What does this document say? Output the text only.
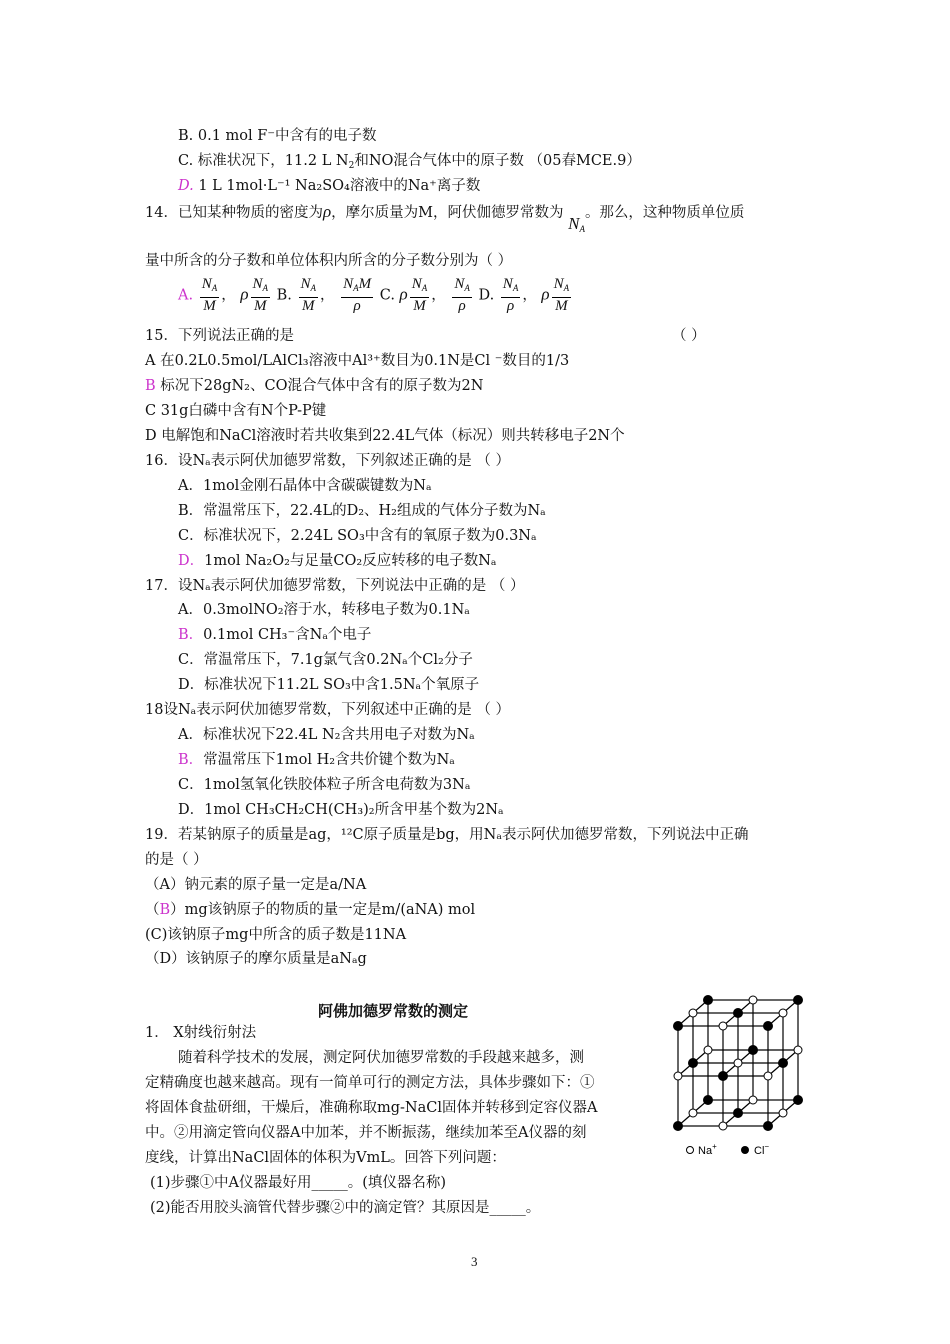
B. 0.1 mol F⁻中含有的电子数
C. 标准状况下，11.2 L $N_2$和NO混合气体中的原子数 （05春MCE.9）
D. 1 L 1mol·L⁻¹ Na₂SO₄溶液中的Na⁺离子数
14．已知某种物质的密度为ρ，摩尔质量为M，阿伏伽德罗常数为 $N_A$。那么，这种物质单位质
量中所含的分子数和单位体积内所含的分子数分别为（ ）
A. $\frac{N_A}{M}$ ， ρ $\frac{N_A}{M} B$. $\frac{N_A}{M}$ ， $\frac{N_AM}{\rho} C$. ρ $\frac{N_A}{M}$ ， $\frac{N_A}{\rho} D$. $\frac{N_A}{\rho}$ ， ρ $\frac{N_A}{M}$
15．下列说法正确的是	（ ）
A 在0.2L0.5mol/LAlCl₃溶液中Al³⁺数目为0.1N是Cl ⁻数目的1/3
B 标况下28gN₂、CO混合气体中含有的原子数为2N
C 31g白磷中含有N个P-P键
D 电解饱和NaCl溶液时若共收集到22.4L气体（标况）则共转移电子2N个
16．设Nₐ表示阿伏加德罗常数，下列叙述正确的是 （ ）
A．1mol金刚石晶体中含碳碳键数为Nₐ
B．常温常压下，22.4L的D₂、H₂组成的气体分子数为Nₐ
C．标准状况下，2.24L SO₃中含有的氧原子数为0.3Nₐ
D．1mol Na₂O₂与足量CO₂反应转移的电子数Nₐ
17．设Nₐ表示阿伏加德罗常数，下列说法中正确的是 （ ）
A．0.3molNO₂溶于水，转移电子数为0.1Nₐ
B．0.1mol CH₃⁻含Nₐ个电子
C．常温常压下，7.1g氯气含0.2Nₐ个Cl₂分子
D．标准状况下11.2L SO₃中含1.5Nₐ个氧原子
18设Nₐ表示阿伏加德罗常数，下列叙述中正确的是 （ ）
A．标准状况下22.4L N₂含共用电子对数为Nₐ
B．常温常压下1mol H₂含共价键个数为Nₐ
C．1mol氢氧化铁胶体粒子所含电荷数为3Nₐ
D．1mol CH₃CH₂CH(CH₃)₂所含甲基个数为2Nₐ
19．若某钠原子的质量是ag，¹²C原子质量是bg，用Nₐ表示阿伏加德罗常数，下列说法中正确
的是（ ）
（A）钠元素的原子量一定是a/NA
（B）mg该钠原子的物质的量一定是m/(aNA) mol
(C)该钠原子mg中所含的质子数是11NA
（D）该钠原子的摩尔质量是aNₐg
阿佛加德罗常数的测定
1． X射线衍射法
随着科学技术的发展，测定阿伏加德罗常数的手段越来越多，测
定精确度也越来越高。现有一简单可行的测定方法，具体步骤如下：①
将固体食盐研细，干燥后，准确称取mg-NaCl固体并转移到定容仪器A
中。②用滴定管向仪器A中加苯，并不断振荡，继续加苯至A仪器的刻
度线，计算出NaCl固体的体积为VmL。回答下列问题：
(1)步骤①中A仪器最好用_____。(填仪器名称)
(2)能否用胶头滴管代替步骤②中的滴定管？其原因是_____。
Na+	Cl−
3
